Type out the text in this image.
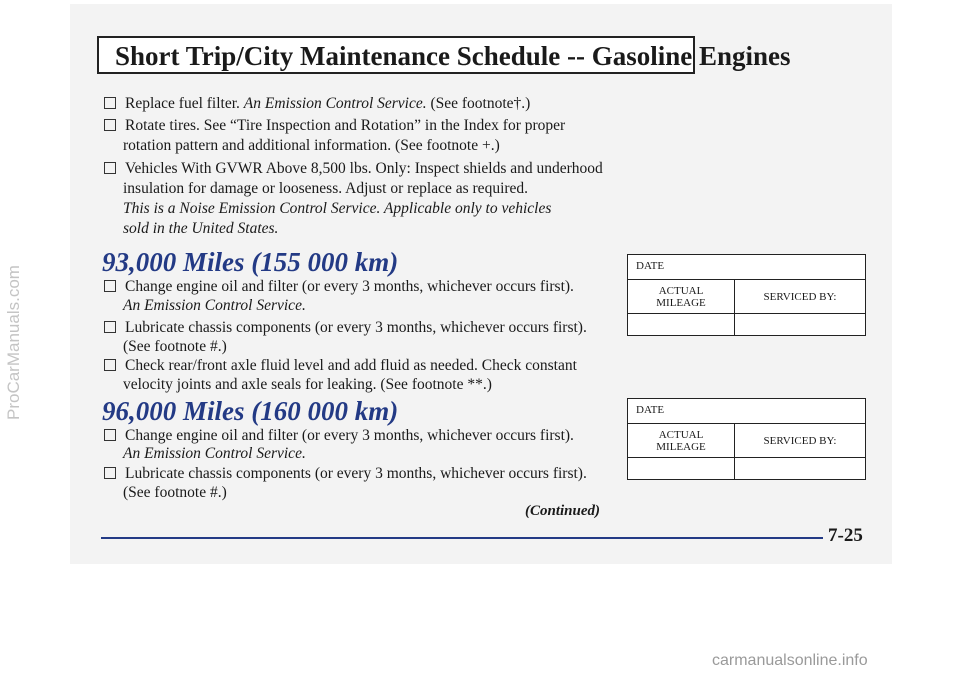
Short Trip/City Maintenance Schedule -- Gasoline Engines
Replace fuel filter. An Emission Control Service. (See footnote†.)
Rotate tires. See “Tire Inspection and Rotation” in the Index for proper
rotation pattern and additional information. (See footnote +.)
Vehicles With GVWR Above 8,500 lbs. Only: Inspect shields and underhood
insulation for damage or looseness. Adjust or replace as required.
This is a Noise Emission Control Service. Applicable only to vehicles
sold in the United States.
93,000 Miles (155 000 km)
Change engine oil and filter (or every 3 months, whichever occurs first).
An Emission Control Service.
Lubricate chassis components (or every 3 months, whichever occurs first).
(See footnote #.)
Check rear/front axle fluid level and add fluid as needed. Check constant
velocity joints and axle seals for leaking. (See footnote **.)
DATE
ACTUAL
MILEAGE	SERVICED BY:
96,000 Miles (160 000 km)
Change engine oil and filter (or every 3 months, whichever occurs first).
An Emission Control Service.
Lubricate chassis components (or every 3 months, whichever occurs first).
(See footnote #.)
DATE
ACTUAL
MILEAGE	SERVICED BY:
(Continued)
7-25
ProCarManuals.com
carmanualsonline.info
